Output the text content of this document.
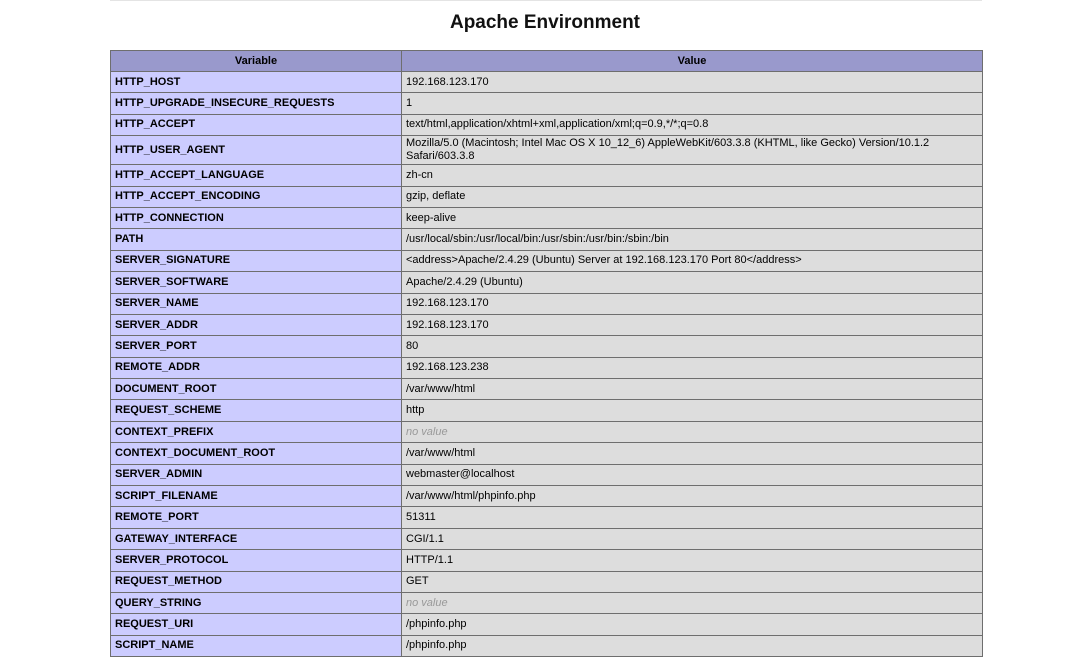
Apache Environment
Variable	Value
HTTP_HOST	192.168.123.170
HTTP_UPGRADE_INSECURE_REQUESTS	1
HTTP_ACCEPT	text/html,application/xhtml+xml,application/xml;q=0.9,*/*;q=0.8
HTTP_USER_AGENT	Mozilla/5.0 (Macintosh; Intel Mac OS X 10_12_6) AppleWebKit/603.3.8 (KHTML, like Gecko) Version/10.1.2 Safari/603.3.8
HTTP_ACCEPT_LANGUAGE	zh-cn
HTTP_ACCEPT_ENCODING	gzip, deflate
HTTP_CONNECTION	keep-alive
PATH	/usr/local/sbin:/usr/local/bin:/usr/sbin:/usr/bin:/sbin:/bin
SERVER_SIGNATURE	<address>Apache/2.4.29 (Ubuntu) Server at 192.168.123.170 Port 80</address>
SERVER_SOFTWARE	Apache/2.4.29 (Ubuntu)
SERVER_NAME	192.168.123.170
SERVER_ADDR	192.168.123.170
SERVER_PORT	80
REMOTE_ADDR	192.168.123.238
DOCUMENT_ROOT	/var/www/html
REQUEST_SCHEME	http
CONTEXT_PREFIX	no value
CONTEXT_DOCUMENT_ROOT	/var/www/html
SERVER_ADMIN	webmaster@localhost
SCRIPT_FILENAME	/var/www/html/phpinfo.php
REMOTE_PORT	51311
GATEWAY_INTERFACE	CGI/1.1
SERVER_PROTOCOL	HTTP/1.1
REQUEST_METHOD	GET
QUERY_STRING	no value
REQUEST_URI	/phpinfo.php
SCRIPT_NAME	/phpinfo.php
